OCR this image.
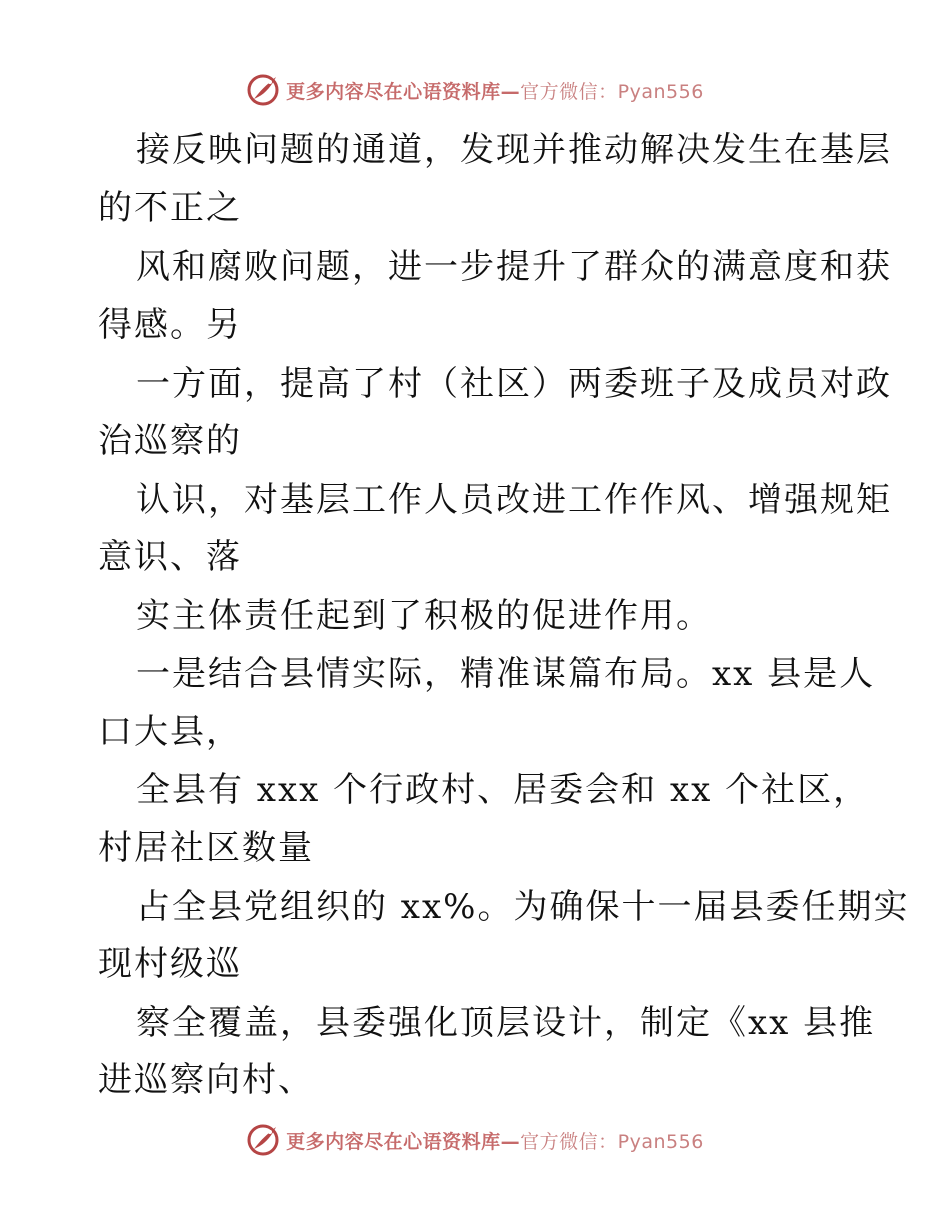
更多内容尽在心语资料库—官方微信：Pyan556
接反映问题的通道，发现并推动解决发生在基层
的不正之
风和腐败问题，进一步提升了群众的满意度和获
得感。另
一方面，提高了村（社区）两委班子及成员对政
治巡察的
认识，对基层工作人员改进工作作风、增强规矩
意识、落
实主体责任起到了积极的促进作用。
一是结合县情实际，精准谋篇布局。xx 县是人
口大县，
全县有 xxx 个行政村、居委会和 xx 个社区，
村居社区数量
占全县党组织的 xx%。为确保十一届县委任期实
现村级巡
察全覆盖，县委强化顶层设计，制定《xx 县推
进巡察向村、
更多内容尽在心语资料库—官方微信：Pyan556
